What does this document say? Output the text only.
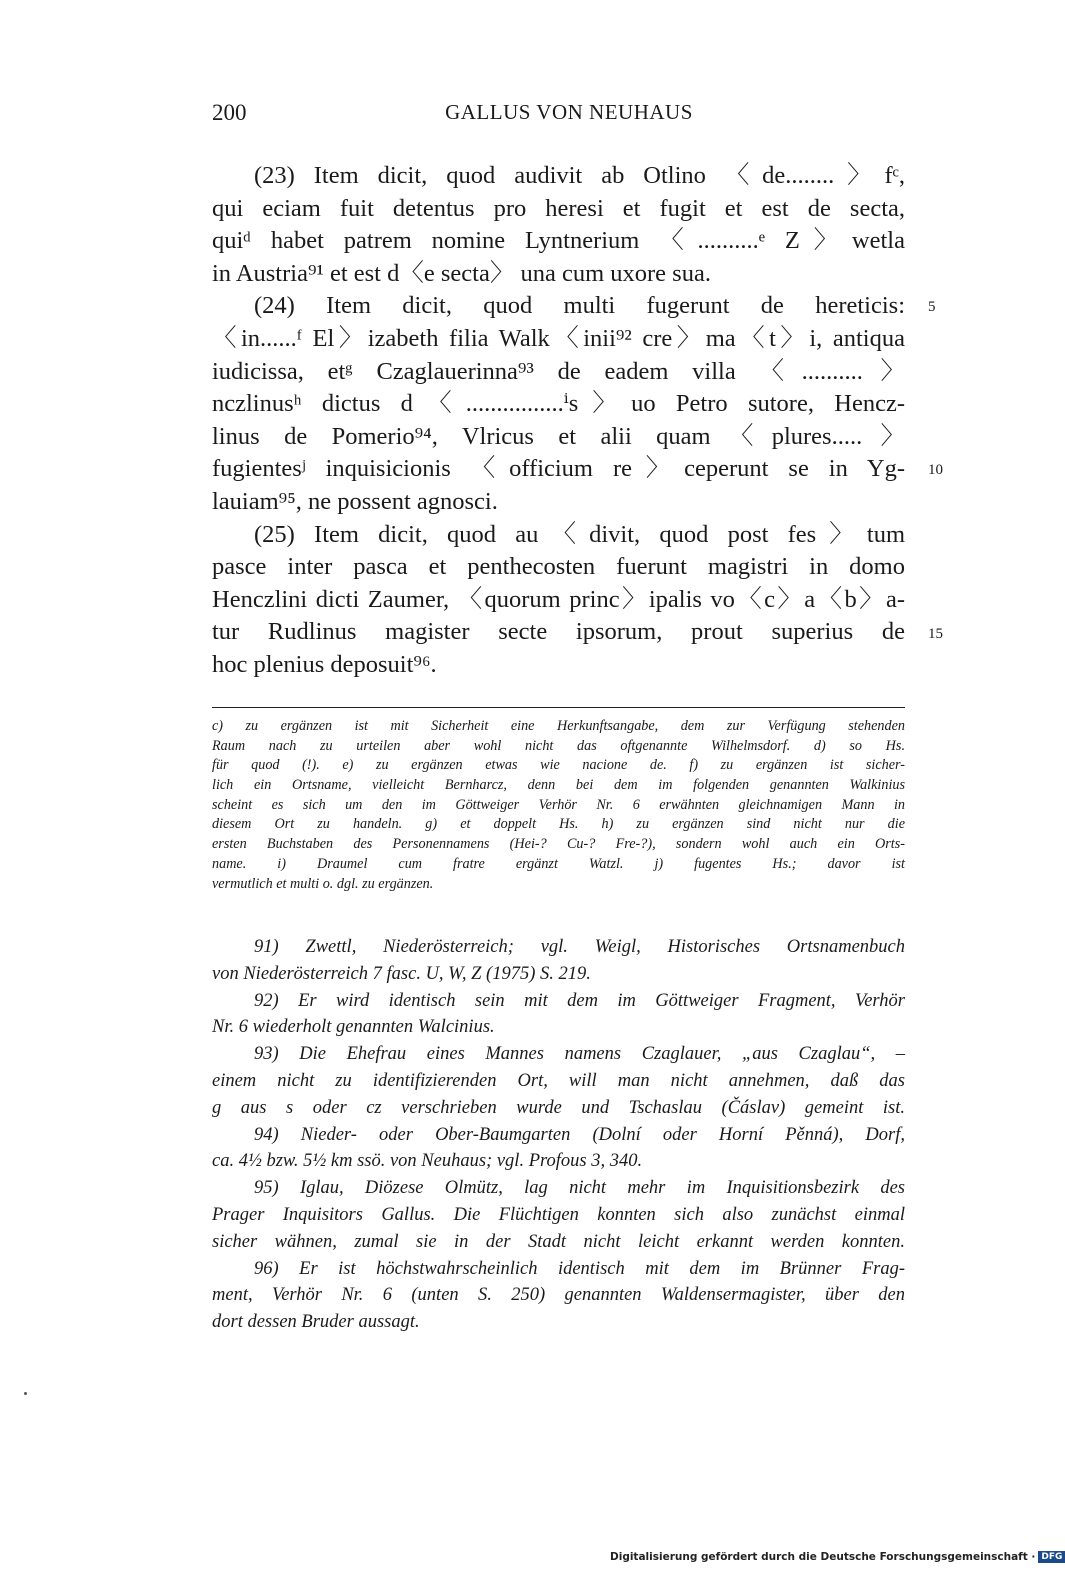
200	GALLUS VON NEUHAUS
(23) Item dicit, quod audivit ab Otlino 〈de........〉fᶜ,
qui eciam fuit detentus pro heresi et fugit et est de secta,
quiᵈ habet patrem nomine Lyntnerium 〈..........ᵉ Z〉wetla
in Austria⁹¹ et est d〈e secta〉 una cum uxore sua.
(24) Item dicit, quod multi fugerunt de hereticis:
〈in......ᶠ El〉izabeth filia Walk〈inii⁹² cre〉ma〈t〉i, antiqua
iudicissa, etᵍ Czaglauerinna⁹³ de eadem villa 〈..........〉
nczlinusʰ dictus d〈................ⁱs〉uo Petro sutore, Hencz-
linus de Pomerio⁹⁴, Vlricus et alii quam〈plures.....〉
fugientesʲ inquisicionis 〈officium re〉ceperunt se in Yg-
lauiam⁹⁵, ne possent agnosci.
(25) Item dicit, quod au〈divit, quod post fes〉tum
pasce inter pasca et penthecosten fuerunt magistri in domo
Henczlini dicti Zaumer, 〈quorum princ〉ipalis vo〈c〉a〈b〉a-
tur Rudlinus magister secte ipsorum, prout superius de
hoc plenius deposuit⁹⁶.
5
10
15
c) zu ergänzen ist mit Sicherheit eine Herkunftsangabe, dem zur Verfügung stehenden
Raum nach zu urteilen aber wohl nicht das oftgenannte Wilhelmsdorf. d) so Hs.
für quod (!). e) zu ergänzen etwas wie nacione de. f) zu ergänzen ist sicher-
lich ein Ortsname, vielleicht Bernharcz, denn bei dem im folgenden genannten Walkinius
scheint es sich um den im Göttweiger Verhör Nr. 6 erwähnten gleichnamigen Mann in
diesem Ort zu handeln. g) et doppelt Hs. h) zu ergänzen sind nicht nur die
ersten Buchstaben des Personennamens (Hei-? Cu-? Fre-?), sondern wohl auch ein Orts-
name. i) Draumel cum fratre ergänzt Watzl. j) fugentes Hs.; davor ist
vermutlich et multi o. dgl. zu ergänzen.
91) Zwettl, Niederösterreich; vgl. Weigl, Historisches Ortsnamenbuch
von Niederösterreich 7 fasc. U, W, Z (1975) S. 219.
92) Er wird identisch sein mit dem im Göttweiger Fragment, Verhör
Nr. 6 wiederholt genannten Walcinius.
93) Die Ehefrau eines Mannes namens Czaglauer, „aus Czaglau“, –
einem nicht zu identifizierenden Ort, will man nicht annehmen, daß das
g aus s oder cz verschrieben wurde und Tschaslau (Čáslav) gemeint ist.
94) Nieder- oder Ober-Baumgarten (Dolní oder Horní Pěnná), Dorf,
ca. 4½ bzw. 5½ km ssö. von Neuhaus; vgl. Profous 3, 340.
95) Iglau, Diözese Olmütz, lag nicht mehr im Inquisitionsbezirk des
Prager Inquisitors Gallus. Die Flüchtigen konnten sich also zunächst einmal
sicher wähnen, zumal sie in der Stadt nicht leicht erkannt werden konnten.
96) Er ist höchstwahrscheinlich identisch mit dem im Brünner Frag-
ment, Verhör Nr. 6 (unten S. 250) genannten Waldensermagister, über den
dort dessen Bruder aussagt.
Digitalisierung gefördert durch die Deutsche Forschungsgemeinschaft · DFG
